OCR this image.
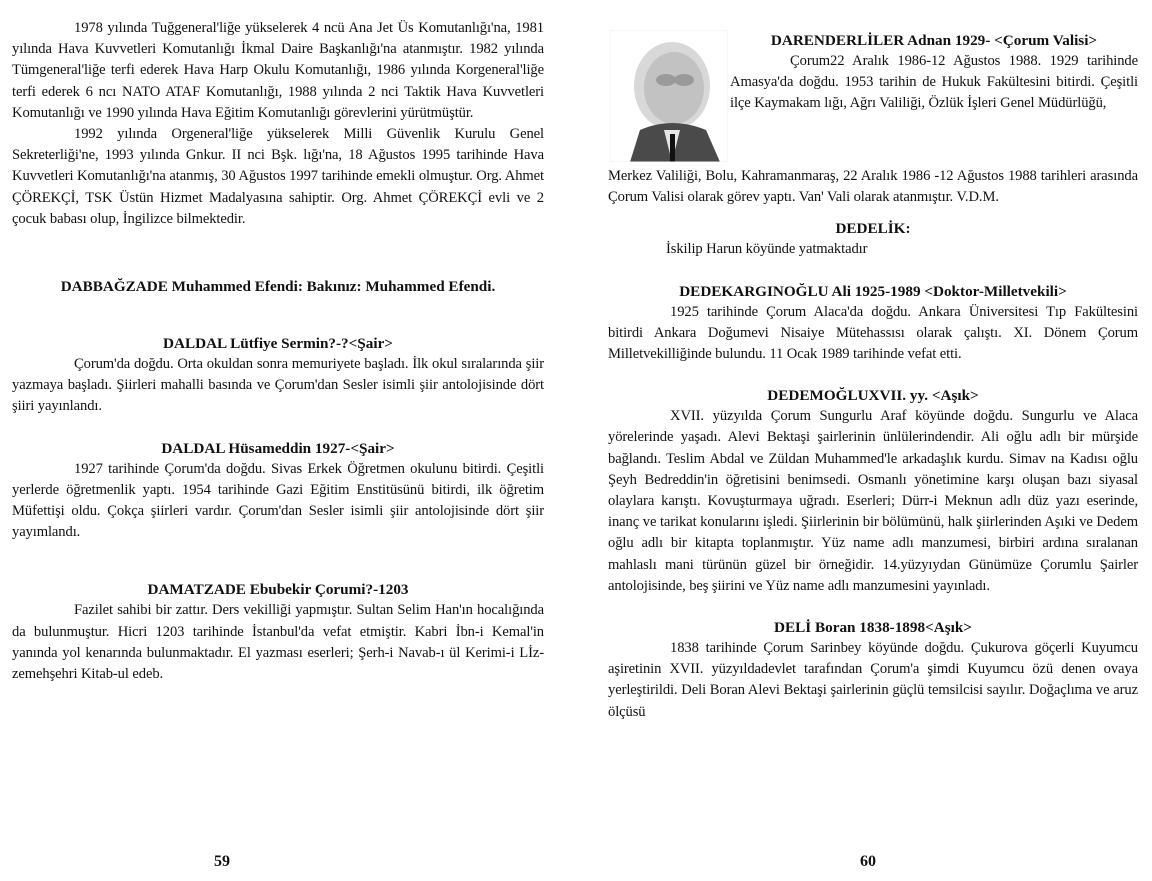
1978 yılında Tuğgeneral'liğe yükselerek 4 ncü Ana Jet Üs Komutanlığı'na, 1981 yılında Hava Kuvvetleri Komutanlığı İkmal Daire Başkanlığı'na atanmıştır. 1982 yılında Tümgeneral'liğe terfi ederek Hava Harp Okulu Komutanlığı, 1986 yılında Korgeneral'liğe terfi ederek 6 ncı NATO ATAF Komutanlığı, 1988 yılında 2 nci Taktik Hava Kuvvetleri Komutanlığı ve 1990 yılında Hava Eğitim Komutanlığı görevlerini yürütmüştür.

1992 yılında Orgeneral'liğe yükselerek Milli Güvenlik Kurulu Genel Sekreterliği'ne, 1993 yılında Gnkur. II nci Bşk. lığı'na, 18 Ağustos 1995 tarihinde Hava Kuvvetleri Komutanlığı'na atanmış, 30 Ağustos 1997 tarihinde emekli olmuştur. Org. Ahmet ÇÖREKÇİ, TSK Üstün Hizmet Madalyasına sahiptir. Org. Ahmet ÇÖREKÇİ evli ve 2 çocuk babası olup, İngilizce bilmektedir.

DABBAĞZADE Muhammed Efendi: Bakınız: Muhammed Efendi.
DALDAL Lütfiye Sermin?-?<Şair>

Çorum'da doğdu. Orta okuldan sonra memuriyete başladı. İlk okul sıralarında şiir yazmaya başladı. Şiirleri mahalli basında ve Çorum'dan Sesler isimli şiir antolojisinde dört şiiri yayınlandı.

DALDAL Hüsameddin 1927-<Şair>

1927 tarihinde Çorum'da doğdu. Sivas Erkek Öğretmen okulunu bitirdi. Çeşitli yerlerde öğretmenlik yaptı. 1954 tarihinde Gazi Eğitim Enstitüsünü bitirdi, ilk öğretim Müfettişi oldu. Çokça şiirleri vardır. Çorum'dan Sesler isimli şiir antolojisinde dört şiir yayımlandı.

DAMATZADE Ebubekir Çorumi?-1203

Fazilet sahibi bir zattır. Ders vekilliği yapmıştır. Sultan Selim Han'ın hocalığında da bulunmuştur. Hicri 1203 tarihinde İstanbul'da vefat etmiştir. Kabri İbn-i Kemal'in yanında yol kenarında bulunmaktadır. El yazması eserleri; Şerh-i Navab-ı ül Kerimi-i Lİz-zemehşehri Kitab-ul edeb.

59
DARENDERLİLER Adnan 1929- <Çorum Valisi>

Çorum22 Aralık 1986-12 Ağustos 1988. 1929 tarihinde Amasya'da doğdu. 1953 tarihin de Hukuk Fakültesini bitirdi. Çeşitli ilçe Kaymakam lığı, Ağrı Valiliği, Özlük İşleri Genel Müdürlüğü,

Merkez Valiliği, Bolu, Kahramanmaraş, 22 Aralık 1986 -12 Ağustos 1988 tarihleri arasında Çorum Valisi olarak görev yaptı. Van' Vali olarak atanmıştır. V.D.M.

DEDELİK:

İskilip Harun köyünde yatmaktadır

DEDEKARGINOĞLU Ali 1925-1989 <Doktor-Milletvekili>

1925 tarihinde Çorum Alaca'da doğdu. Ankara Üniversitesi Tıp Fakültesini bitirdi Ankara Doğumevi Nisaiye Mütehassısı olarak çalıştı. XI. Dönem Çorum Milletvekilliğinde bulundu. 11 Ocak 1989 tarihinde vefat etti.

DEDEMOĞLUXVII. yy. <Aşık>

XVII. yüzyılda Çorum Sungurlu Araf köyünde doğdu. Sungurlu ve Alaca yörelerinde yaşadı. Alevi Bektaşi şairlerinin ünlülerindendir. Ali oğlu adlı bir mürşide bağlandı. Teslim Abdal ve Züldan Muhammed'le arkadaşlık kurdu. Simav na Kadısı oğlu Şeyh Bedreddin'in öğretisini benimsedi. Osmanlı yönetimine karşı oluşan bazı siyasal olaylara karıştı. Kovuşturmaya uğradı. Eserleri; Dürr-i Meknun adlı düz yazı eserinde, inanç ve tarikat konularını işledi. Şiirlerinin bir bölümünü, halk şiirlerinden Aşıki ve Dedem oğlu adlı bir kitapta toplanmıştır. Yüz name adlı manzumesi, birbiri ardına sıralanan mahlaslı mani türünün güzel bir örneğidir. 14.yüzyıydan Günümüze Çorumlu Şairler antolojisinde, beş şiirini ve Yüz name adlı manzumesini yayınladı.

DELİ Boran 1838-1898<Aşık>

1838 tarihinde Çorum Sarinbey köyünde doğdu. Çukurova göçerli Kuyumcu aşiretinin XVII. yüzyıldadevlet tarafından Çorum'a şimdi Kuyumcu özü denen ovaya yerleştirildi. Deli Boran Alevi Bektaşi şairlerinin güçlü temsilcisi sayılır. Doğaçlıma ve aruz ölçüsü

60
